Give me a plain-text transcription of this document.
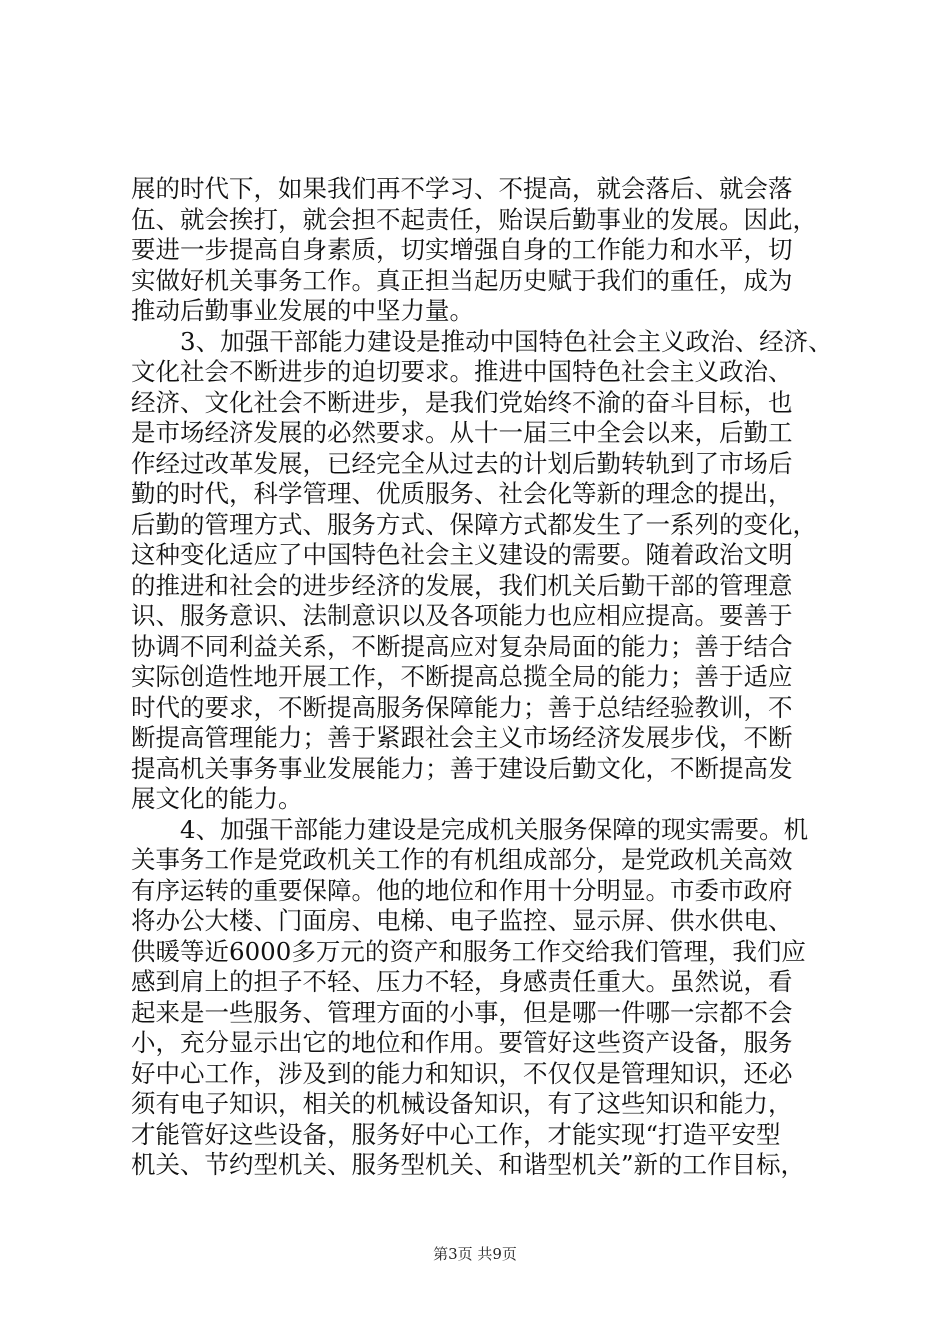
展的时代下，如果我们再不学习、不提高，就会落后、就会落
伍、就会挨打，就会担不起责任，贻误后勤事业的发展。因此，
要进一步提高自身素质，切实增强自身的工作能力和水平，切
实做好机关事务工作。真正担当起历史赋于我们的重任，成为
推动后勤事业发展的中坚力量。
3、加强干部能力建设是推动中国特色社会主义政治、经济、
文化社会不断进步的迫切要求。推进中国特色社会主义政治、
经济、文化社会不断进步，是我们党始终不渝的奋斗目标，也
是市场经济发展的必然要求。从十一届三中全会以来，后勤工
作经过改革发展，已经完全从过去的计划后勤转轨到了市场后
勤的时代，科学管理、优质服务、社会化等新的理念的提出，
后勤的管理方式、服务方式、保障方式都发生了一系列的变化，
这种变化适应了中国特色社会主义建设的需要。随着政治文明
的推进和社会的进步经济的发展，我们机关后勤干部的管理意
识、服务意识、法制意识以及各项能力也应相应提高。要善于
协调不同利益关系，不断提高应对复杂局面的能力；善于结合
实际创造性地开展工作，不断提高总揽全局的能力；善于适应
时代的要求，不断提高服务保障能力；善于总结经验教训，不
断提高管理能力；善于紧跟社会主义市场经济发展步伐，不断
提高机关事务事业发展能力；善于建设后勤文化，不断提高发
展文化的能力。
4、加强干部能力建设是完成机关服务保障的现实需要。机
关事务工作是党政机关工作的有机组成部分，是党政机关高效
有序运转的重要保障。他的地位和作用十分明显。市委市政府
将办公大楼、门面房、电梯、电子监控、显示屏、供水供电、
供暖等近6000多万元的资产和服务工作交给我们管理，我们应
感到肩上的担子不轻、压力不轻，身感责任重大。虽然说，看
起来是一些服务、管理方面的小事，但是哪一件哪一宗都不会
小，充分显示出它的地位和作用。要管好这些资产设备，服务
好中心工作，涉及到的能力和知识，不仅仅是管理知识，还必
须有电子知识，相关的机械设备知识，有了这些知识和能力，
才能管好这些设备，服务好中心工作，才能实现“打造平安型
机关、节约型机关、服务型机关、和谐型机关”新的工作目标，
第3页 共9页
